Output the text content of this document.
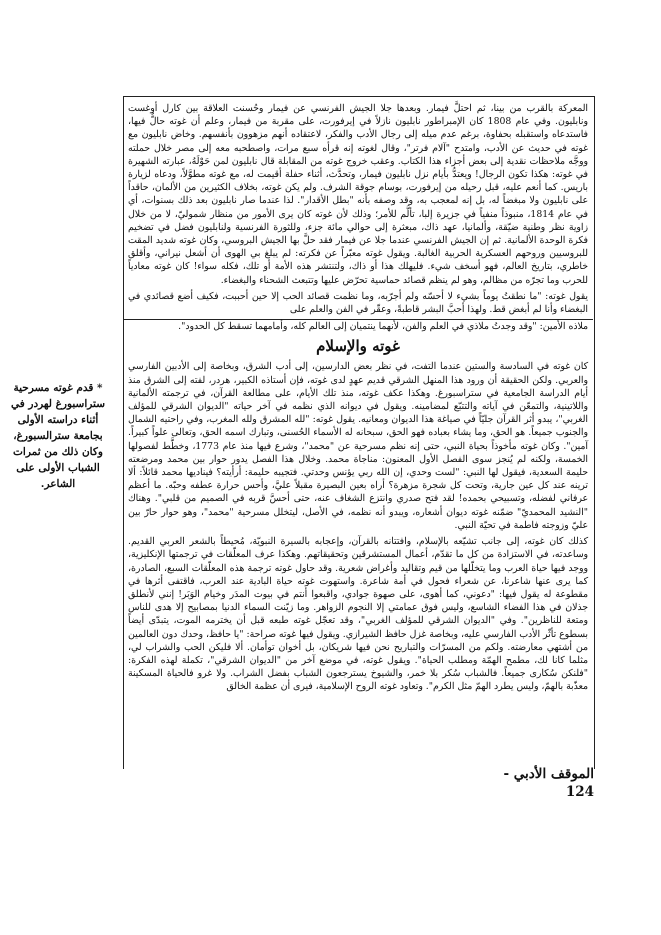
المعركة بالقرب من بينا، ثم احتلَّ فيمار. وبعدها جلا الجيش الفرنسي عن فيمار وحُسنت العلاقة بين كارل أوغست ونابليون. وفي عام 1808 كان الإمبراطور نابليون نازلاً في إيرفورت، على مقربة من فيمار، وعلم أن غوته حالٌّ فيها، فاستدعاه واستقبله بحفاوة، برغم عدم ميله إلى رجال الأدب والفكر، لاعتقاده أنهم مزهوون بأنفسهم. وخاض نابليون مع غوته في حديث عن الأدب، وامتدح "آلام فرتر"، وقال لغوته إنه قرأه سبع مرات، واصطحبه معه إلى مصر خلال حملته ووجَّه ملاحظات نقدية إلى بعض أجزاء هذا الكتاب. وعقب خروج غوته من المقابلة قال نابليون لمن حَوْلَهُ، عبارته الشهيرة في غوته: هكذا تكون الرجال! ويعتدُّ بأيام نزل نابليون فيمار، وتحدَّث، أثناء حفلة أقيمت له، مع غوته مطوَّلاً، ودعاه لزيارة باريس. كما أنعم عليه، قبل رحيله من إيرفورت، بوسام جوقة الشرف. ولم يكن غوته، بخلاف الكثيرين من الألمان، حاقداً على نابليون ولا مبغضاً له، بل إنه لمعجب به، وقد وصفه بأنه "بطل الأقدار". لذا عندما صار نابليون بعد ذلك بسنوات، أي في عام 1814، منبوذاً منفياً في جزيرة إلبا، تألَّم للأمر؛ وذلك لأن غوته كان يرى الأمور من منظار شموليّ، لا من خلال زاوية نظر وطنية ضيّقة، وألمانيا، عهد ذاك، مبعثرة إلى حوالي مائة جزء، وللثورة الفرنسية ولنابليون فضل في تضخيم فكرة الوحدة الألمانية. ثم إن الجيش الفرنسي عندما جلا عن فيمار فقد حلَّ بها الجيش البروسي، وكان غوته شديد المقت للبروسيين وروحهم العسكرية الحربية الغالبة. ويقول غوته معبّراً عن فكرته: لم يبلغ بي الهوى أن أشعل نيراني، وأقلق خاطري، بتاريخ العالم، فهو أسخف شيء. فليهلك هذا أو ذاك، ولتنتشر هذه الأمة أو تلك، فكله سواء! كان غوته معادياً للحرب وما تجرّه من مظالم، وهو لم ينظم قصائد حماسية تحرّض عليها وتتبعث الشحناء والبغضاء.

يقول غوته: "ما نطقتُ يوماً بشيء لا أحسّه ولم أجرّبه، وما نظمت قصائد الحب إلا حين أحببت، فكيف أضع قصائدي في البغضاء وأنا لم أبغض قط. ولهذا أحبَّ البشر قاطبةً، وعقّر في الفن والعلم على

ملاذه الأمين: "وقد وجدتُ ملاذي في العلم والفن، لأنهما ينتميان إلى العالم كله، وأمامهما تسقط كل الحدود".

غوته والإسلام

كان غوته في السادسة والستين عندما التفت، في نظر بعض الدارسين، إلى أدب الشرق، وبخاصة إلى الأدبين الفارسي والعربي. ولكن الحقيقة أن ورود هذا المنهل الشرقي قديم عهدٍ لدى غوته، فإن أستاذه الكبير، هردر، لفته إلى الشرق منذ أيام الدراسة الجامعية في ستراسبورغ. وهكذا عكف غوته، منذ تلك الأيام، على مطالعة القرآن، في ترجمته الألمانية واللاتينية، والتمعّن في آياته والتتبّع لمضامينه. ويقول في ديوانه الذي نظمه في آخر حياته "الديوان الشرقي للمؤلف الغربي"، يبدو أثر القرآن جليّاً في صياغة هذا الديوان ومعانيه. يقول غوته: "لله المشرق ولله المغرب، وفي راحتيه الشمال والجنوب جميعاً. هو الحق، وما يشاء بعباده فهو الحق، سبحانه له الأسماء الحُسنى، وتبارك اسمه الحق، وتعالى علواً كبيراً. آمين". وكان غوته مأخوذاً بحياة النبي، حتى إنه نظم مسرحية عن "محمد"، وشرع فيها منذ عام 1773، وخطَّط لفصولها الخمسة، ولكنه لم يُنجز سوى الفصل الأول المعنون: مناجاة محمد. وخلال هذا الفصل يدور حوار بين محمد ومرضعته حليمة السعدية، فيقول لها النبي: "لست وحدي، إن الله ربي يؤنس وحدتي. فتجيبه حليمة: أرأيته؟ فيناديها محمد قائلاً: ألا ترينه عند كل عين جارية، وتحت كل شجرة مزهرة؟ أراه بعين البصيرة مقبلاً عليَّ، وأحس حرارة عطفه وحبّه. ما أعظم عرفاني لفضله، وتسبيحي بحمده! لقد فتح صدري وانتزع الشغاف عنه، حتى أحسَّ قربه في الصميم من قلبي". وهناك "النشيد المحمديّ" ضمّنه غوته ديوان أشعاره، ويبدو أنه نظمه، في الأصل، ليتخلل مسرحية "محمد"، وهو حوار حارّ بين عليّ وزوجته فاطمة في تحيّة النبي.

كذلك كان غوته، إلى جانب تشيّعه بالإسلام، وافتتانه بالقرآن، وإعجابه بالسيرة النبويّة، مُحيطاً بالشعر العربي القديم. وساعدته، في الاستزادة من كل ما تقدّم، أعمال المستشرقين وتحقيقاتهم. وهكذا عرف المعلّقات في ترجمتها الإنكليزية، ووجد فيها حياة العرب وما يتخلّلها من قيم وتقاليد وأغراض شعرية. وقد حاول غوته ترجمة هذه المعلّقات السبع، الصادرة، كما يرى عنها شاعرنا، عن شعراء فحول في أمة شاعرة. واستهوت غوته حياة البادية عند العرب، فاقتفى أثرها في مقطوعة له يقول فيها: "دعوني، كما أهوى، على صهوة جوادي، واقبعوا أنتم في بيوت المدَر وخيام الوَبَر! إنني لأنطلق جذلان في هذا الفضاء الشاسع، وليس فوق عمامتي إلا النجوم الزواهر. وما زيّنت السماء الدنيا بمصابيح إلا هدى للناس ومتعة للناظرين". وفي "الديوان الشرقي للمؤلف الغربي"، وقد تعجّل غوته طبعه قبل أن يخترمه الموت، يتبدّى أيضاً بسطوع تأثّر الأدب الفارسي عليه، وبخاصة غزل حافظ الشيرازي. ويقول فيها غوته صراحة: "يا حافظ، وحدك دون العالمين من أشتهي معارضته. ولكم من المسرّات والتباريح نحن فيها شريكان، بل أخوان توأمان. ألا فليكن الحب والشراب لي، مثلما كانا لك، مطمح الهمّة ومطلب الحياة". ويقول غوته، في موضع آخر من "الديوان الشرقي"، تكملة لهذه الفكرة: "فلنكن سُكارى جميعاً. فالشباب سُكر بلا خمر، والشيوخ يسترجعون الشباب بفضل الشراب. ولا غرو فالحياة المسكينة معذّبة بالهمّ، وليس يطرد الهمّ مثل الكرم". وتعاود غوته الروح الإسلامية، فيرى أن عظمة الخالق

* قدم غوته مسرحية ستراسبورغ لهردر في أثناء دراسته الأولى بجامعة سترالسبورغ، وكان ذلك من ثمرات الشباب الأولى على الشاعر.
الموقف الأدبي - 124
